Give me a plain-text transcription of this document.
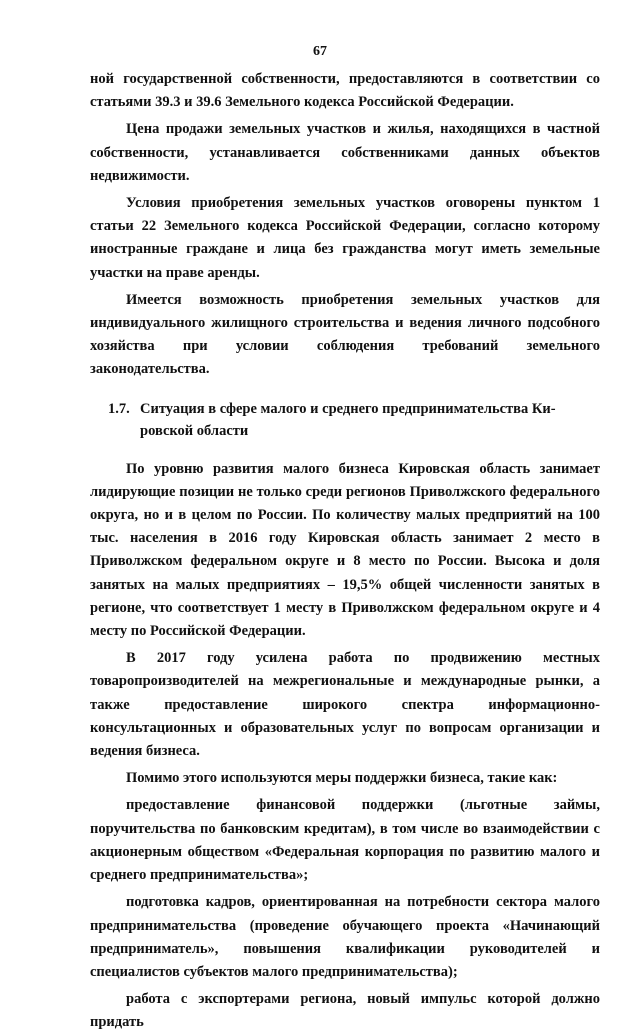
67

ной государственной собственности, предоставляются в соответствии со статьями 39.3 и 39.6 Земельного кодекса Российской Федерации.

Цена продажи земельных участков и жилья, находящихся в частной собственности, устанавливается собственниками данных объектов недвижимости.

Условия приобретения земельных участков оговорены пунктом 1 статьи 22 Земельного кодекса Российской Федерации, согласно которому иностранные граждане и лица без гражданства могут иметь земельные участки на праве аренды.

Имеется возможность приобретения земельных участков для индивидуального жилищного строительства и ведения личного подсобного хозяйства при условии соблюдения требований земельного законодательства.

1.7. Ситуация в сфере малого и среднего предпринимательства Ки-
ровской области

По уровню развития малого бизнеса Кировская область занимает лидирующие позиции не только среди регионов Приволжского федерального округа, но и в целом по России. По количеству малых предприятий на 100 тыс. населения в 2016 году Кировская область занимает 2 место в Приволжском федеральном округе и 8 место по России. Высока и доля занятых на малых предприятиях – 19,5% общей численности занятых в регионе, что соответствует 1 месту в Приволжском федеральном округе и 4 месту по Российской Федерации.

В 2017 году усилена работа по продвижению местных товаропроизводителей на межрегиональные и международные рынки, а также предоставление широкого спектра информационно-консультационных и образовательных услуг по вопросам организации и ведения бизнеса.

Помимо этого используются меры поддержки бизнеса, такие как:

предоставление финансовой поддержки (льготные займы, поручительства по банковским кредитам), в том числе во взаимодействии с акционерным обществом «Федеральная корпорация по развитию малого и среднего предпринимательства»;

подготовка кадров, ориентированная на потребности сектора малого предпринимательства (проведение обучающего проекта «Начинающий предприниматель», повышения квалификации руководителей и специалистов субъектов малого предпринимательства);

работа с экспортерами региона, новый импульс которой должно придать
